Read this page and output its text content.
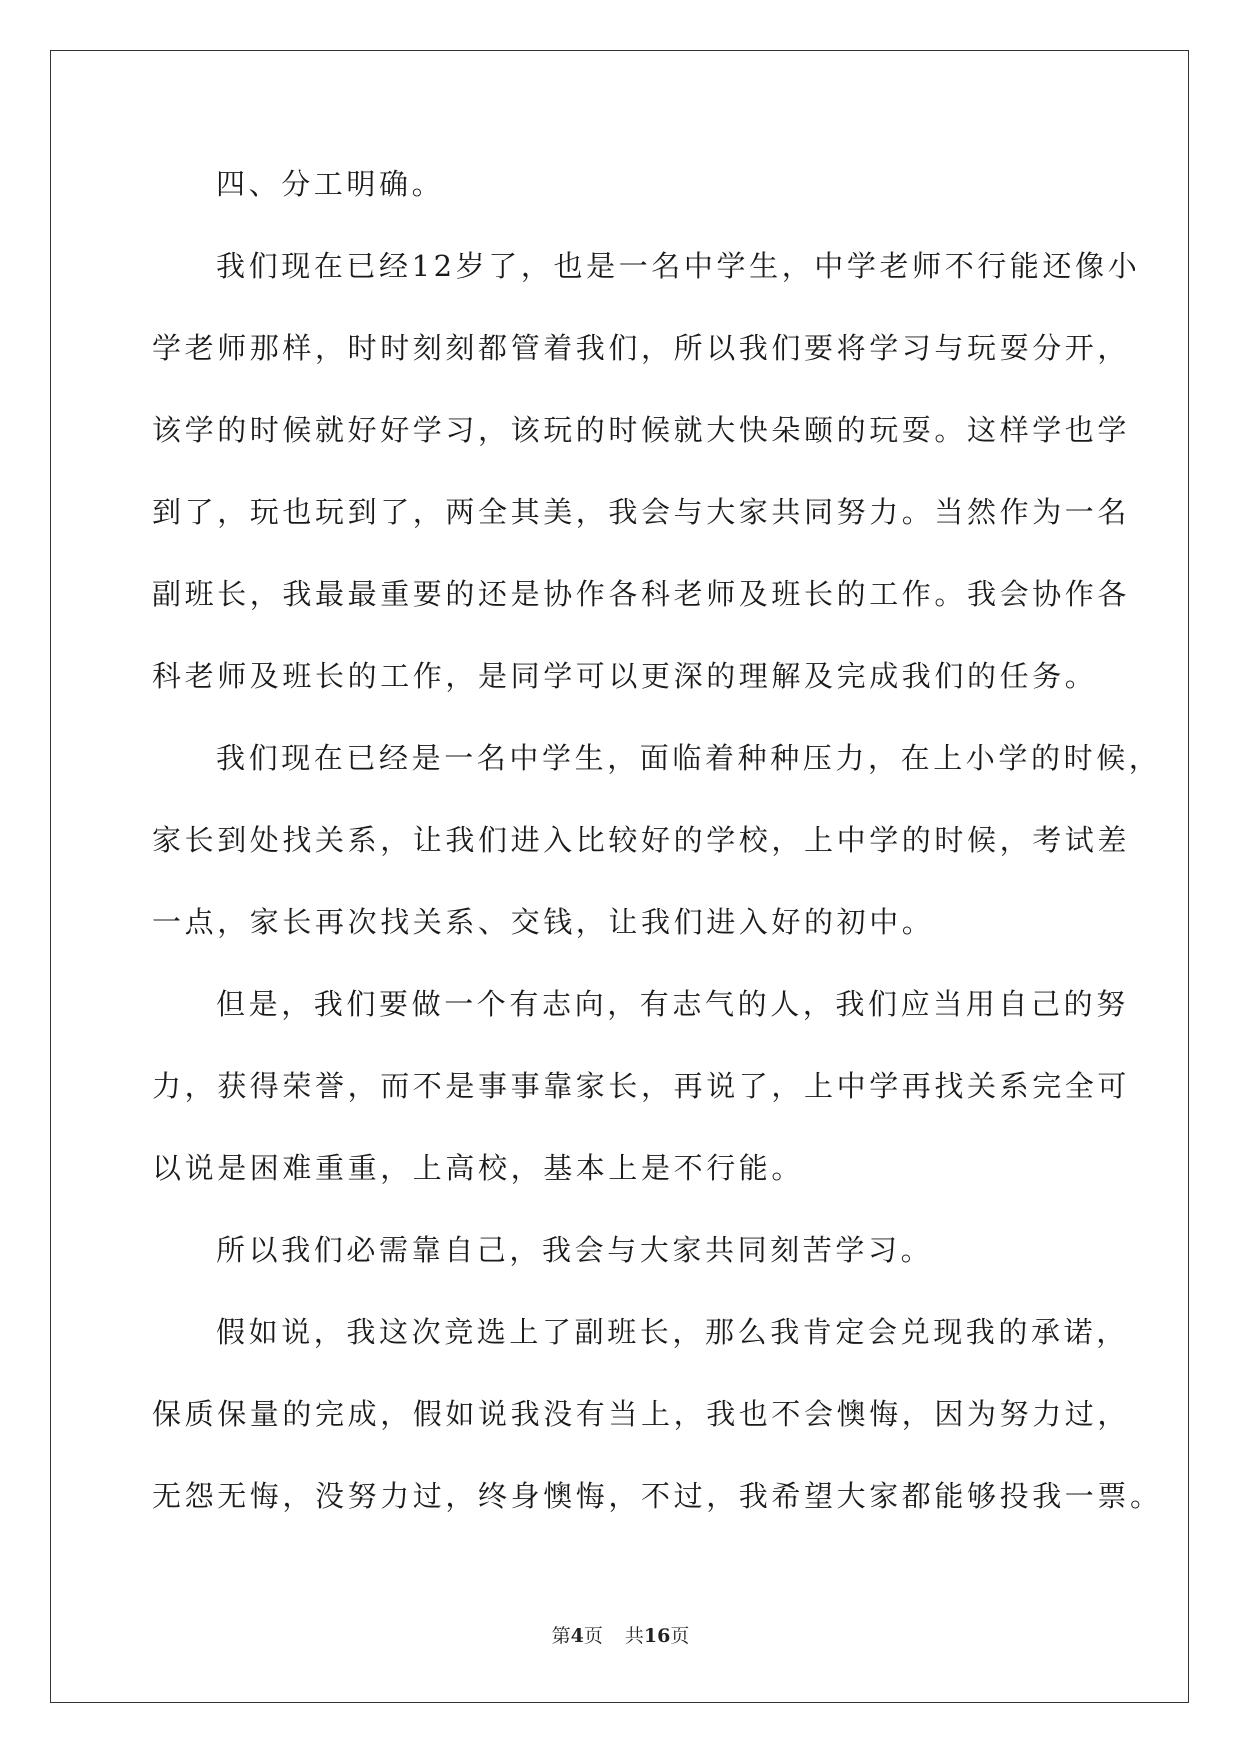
四、分工明确。
我们现在已经12岁了，也是一名中学生，中学老师不行能还像小
学老师那样，时时刻刻都管着我们，所以我们要将学习与玩耍分开，
该学的时候就好好学习，该玩的时候就大快朵颐的玩耍。这样学也学
到了，玩也玩到了，两全其美，我会与大家共同努力。当然作为一名
副班长，我最最重要的还是协作各科老师及班长的工作。我会协作各
科老师及班长的工作，是同学可以更深的理解及完成我们的任务。
我们现在已经是一名中学生，面临着种种压力，在上小学的时候，
家长到处找关系，让我们进入比较好的学校，上中学的时候，考试差
一点，家长再次找关系、交钱，让我们进入好的初中。
但是，我们要做一个有志向，有志气的人，我们应当用自己的努
力，获得荣誉，而不是事事靠家长，再说了，上中学再找关系完全可
以说是困难重重，上高校，基本上是不行能。
所以我们必需靠自己，我会与大家共同刻苦学习。
假如说，我这次竞选上了副班长，那么我肯定会兑现我的承诺，
保质保量的完成，假如说我没有当上，我也不会懊悔，因为努力过，
无怨无悔，没努力过，终身懊悔，不过，我希望大家都能够投我一票。
第4页 共16页
